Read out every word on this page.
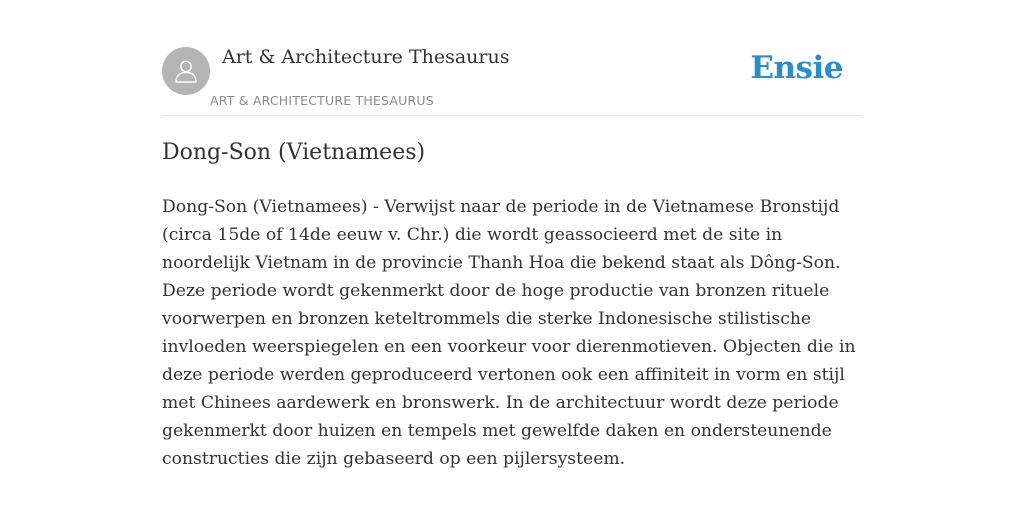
Art & Architecture Thesaurus
ART & ARCHITECTURE THESAURUS
Ensie
Dong-Son (Vietnamees)

Dong-Son (Vietnamees) - Verwijst naar de periode in de Vietnamese Bronstijd (circa 15de of 14de eeuw v. Chr.) die wordt geassocieerd met de site in noordelijk Vietnam in de provincie Thanh Hoa die bekend staat als Dông-Son. Deze periode wordt gekenmerkt door de hoge productie van bronzen rituele voorwerpen en bronzen keteltrommels die sterke Indonesische stilistische invloeden weerspiegelen en een voorkeur voor dierenmotieven. Objecten die in deze periode werden geproduceerd vertonen ook een affiniteit in vorm en stijl met Chinees aardewerk en bronswerk. In de architectuur wordt deze periode gekenmerkt door huizen en tempels met gewelfde daken en ondersteunende constructies die zijn gebaseerd op een pijlersysteem.
